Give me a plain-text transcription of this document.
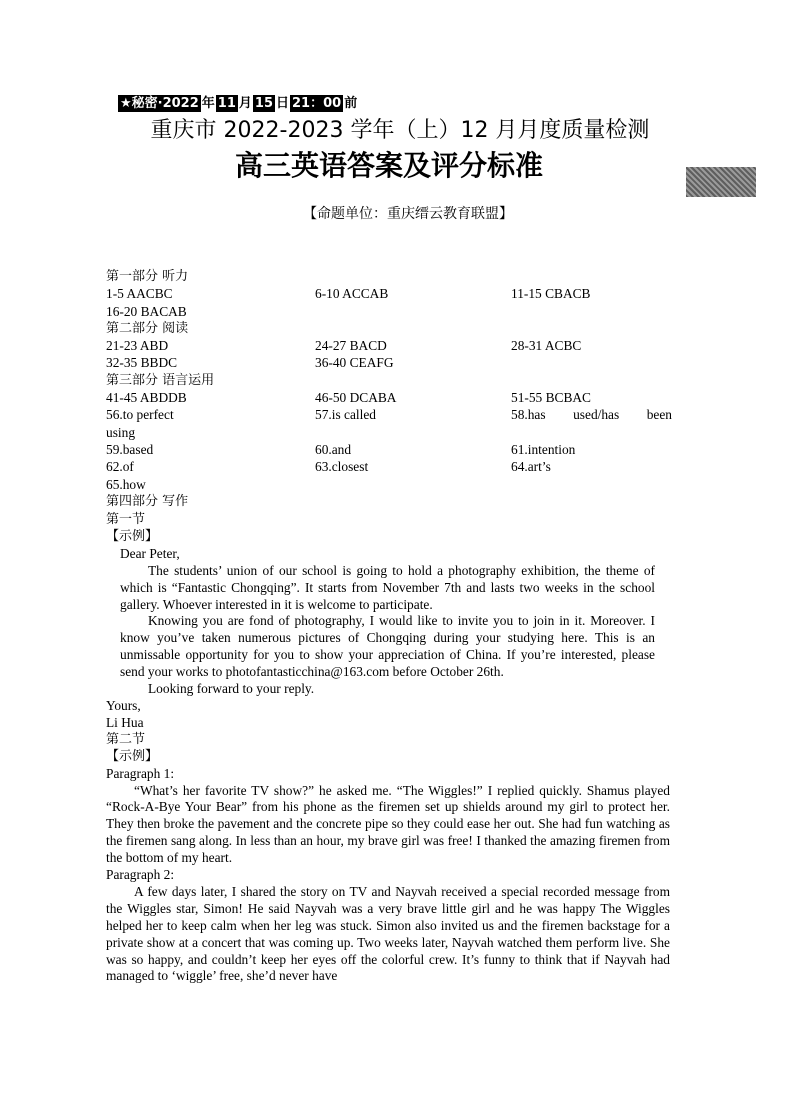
★秘密·2022 年 11 月 15 日 21：00 前
重庆市 2022-2023 学年（上）12 月月度质量检测
高三英语答案及评分标准
【命题单位：重庆缙云教育联盟】
第一部分 听力
1-5 AACBC	6-10 ACCAB	11-15 CBACB
16-20 BACAB
第二部分 阅读
21-23 ABD	24-27 BACD	28-31 ACBC
32-35 BBDC	36-40 CEAFG
第三部分 语言运用
41-45 ABDDB	46-50 DCABA	51-55 BCBAC
56.to perfect	57.is called	58.has used/has been
using
59.based	60.and	61.intention
62.of	63.closest	64.art’s
65.how
第四部分 写作
第一节
【示例】

Dear Peter,

The students’ union of our school is going to hold a photography exhibition, the theme of which is “Fantastic Chongqing”. It starts from November 7th and lasts two weeks in the school gallery. Whoever interested in it is welcome to participate.

Knowing you are fond of photography, I would like to invite you to join in it. Moreover. I know you’ve taken numerous pictures of Chongqing during your studying here. This is an unmissable opportunity for you to show your appreciation of China. If you’re interested, please send your works to photofantasticchina@163.com before October 26th.

Looking forward to your reply.

Yours,

Li Hua

第二节
【示例】

Paragraph 1:

“What’s her favorite TV show?” he asked me. “The Wiggles!” I replied quickly. Shamus played “Rock-A-Bye Your Bear” from his phone as the firemen set up shields around my girl to protect her. They then broke the pavement and the concrete pipe so they could ease her out. She had fun watching as the firemen sang along. In less than an hour, my brave girl was free! I thanked the amazing firemen from the bottom of my heart.

Paragraph 2:

A few days later, I shared the story on TV and Nayvah received a special recorded message from the Wiggles star, Simon! He said Nayvah was a very brave little girl and he was happy The Wiggles helped her to keep calm when her leg was stuck. Simon also invited us and the firemen backstage for a private show at a concert that was coming up. Two weeks later, Nayvah watched them perform live. She was so happy, and couldn’t keep her eyes off the colorful crew. It’s funny to think that if Nayvah had managed to ‘wiggle’ free, she’d never have
